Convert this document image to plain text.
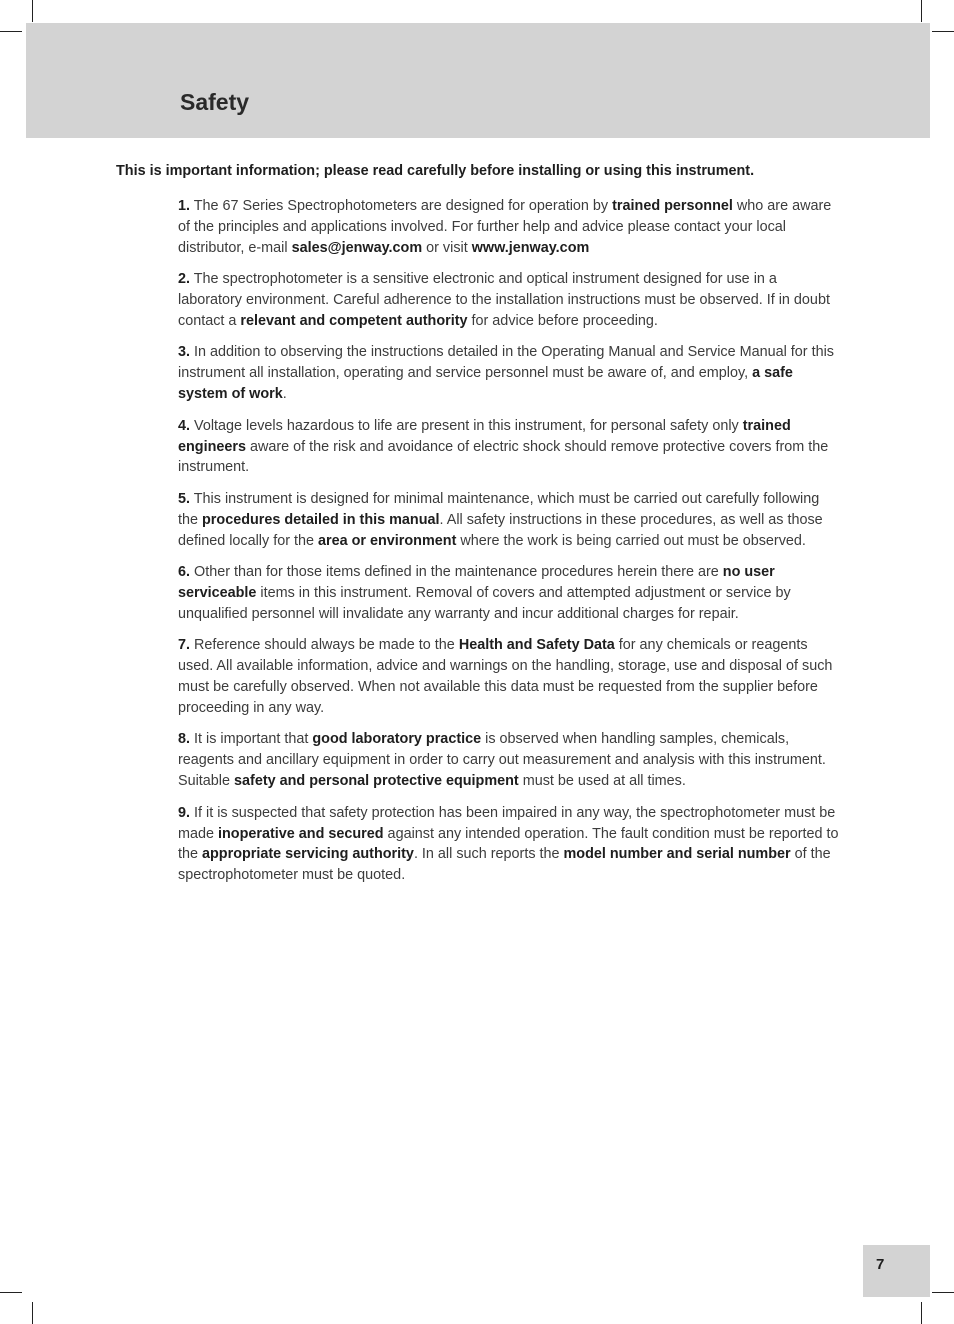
Safety

This is important information; please read carefully before installing or using this instrument.

1. The 67 Series Spectrophotometers are designed for operation by trained personnel who are aware of the principles and applications involved. For further help and advice please contact your local distributor, e-mail sales@jenway.com or visit www.jenway.com

2. The spectrophotometer is a sensitive electronic and optical instrument designed for use in a laboratory environment. Careful adherence to the installation instructions must be observed. If in doubt contact a relevant and competent authority for advice before proceeding.

3. In addition to observing the instructions detailed in the Operating Manual and Service Manual for this instrument all installation, operating and service personnel must be aware of, and employ, a safe system of work.

4. Voltage levels hazardous to life are present in this instrument, for personal safety only trained engineers aware of the risk and avoidance of electric shock should remove protective covers from the instrument.

5. This instrument is designed for minimal maintenance, which must be carried out carefully following the procedures detailed in this manual. All safety instructions in these procedures, as well as those defined locally for the area or environment where the work is being carried out must be observed.

6. Other than for those items defined in the maintenance procedures herein there are no user serviceable items in this instrument. Removal of covers and attempted adjustment or service by unqualified personnel will invalidate any warranty and incur additional charges for repair.

7. Reference should always be made to the Health and Safety Data for any chemicals or reagents used. All available information, advice and warnings on the handling, storage, use and disposal of such must be carefully observed. When not available this data must be requested from the supplier before proceeding in any way.

8. It is important that good laboratory practice is observed when handling samples, chemicals, reagents and ancillary equipment in order to carry out measurement and analysis with this instrument. Suitable safety and personal protective equipment must be used at all times.

9. If it is suspected that safety protection has been impaired in any way, the spectrophotometer must be made inoperative and secured against any intended operation. The fault condition must be reported to the appropriate servicing authority. In all such reports the model number and serial number of the spectrophotometer must be quoted.

7
